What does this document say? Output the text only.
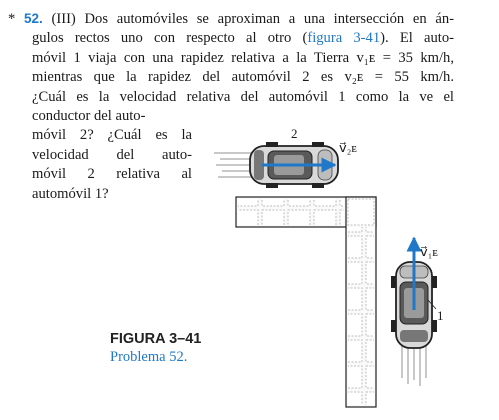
* 52. (III) Dos automóviles se aproximan a una intersección en án-
gulos rectos uno con respecto al otro (figura 3-41). El auto-
móvil 1 viaja con una rapidez relativa a la Tierra v₁ᴇ = 35 km/h,
mientras que la rapidez del automóvil 2 es v₂ᴇ = 55 km/h.
¿Cuál es la velocidad relativa del automóvil 1 como la ve el
conductor del auto-
móvil 2? ¿Cuál es la
velocidad del auto-
móvil 2 relativa al
automóvil 1?
2
v⃗₂ᴇ
v⃗₁ᴇ
1
FIGURA 3–41
Problema 52.
